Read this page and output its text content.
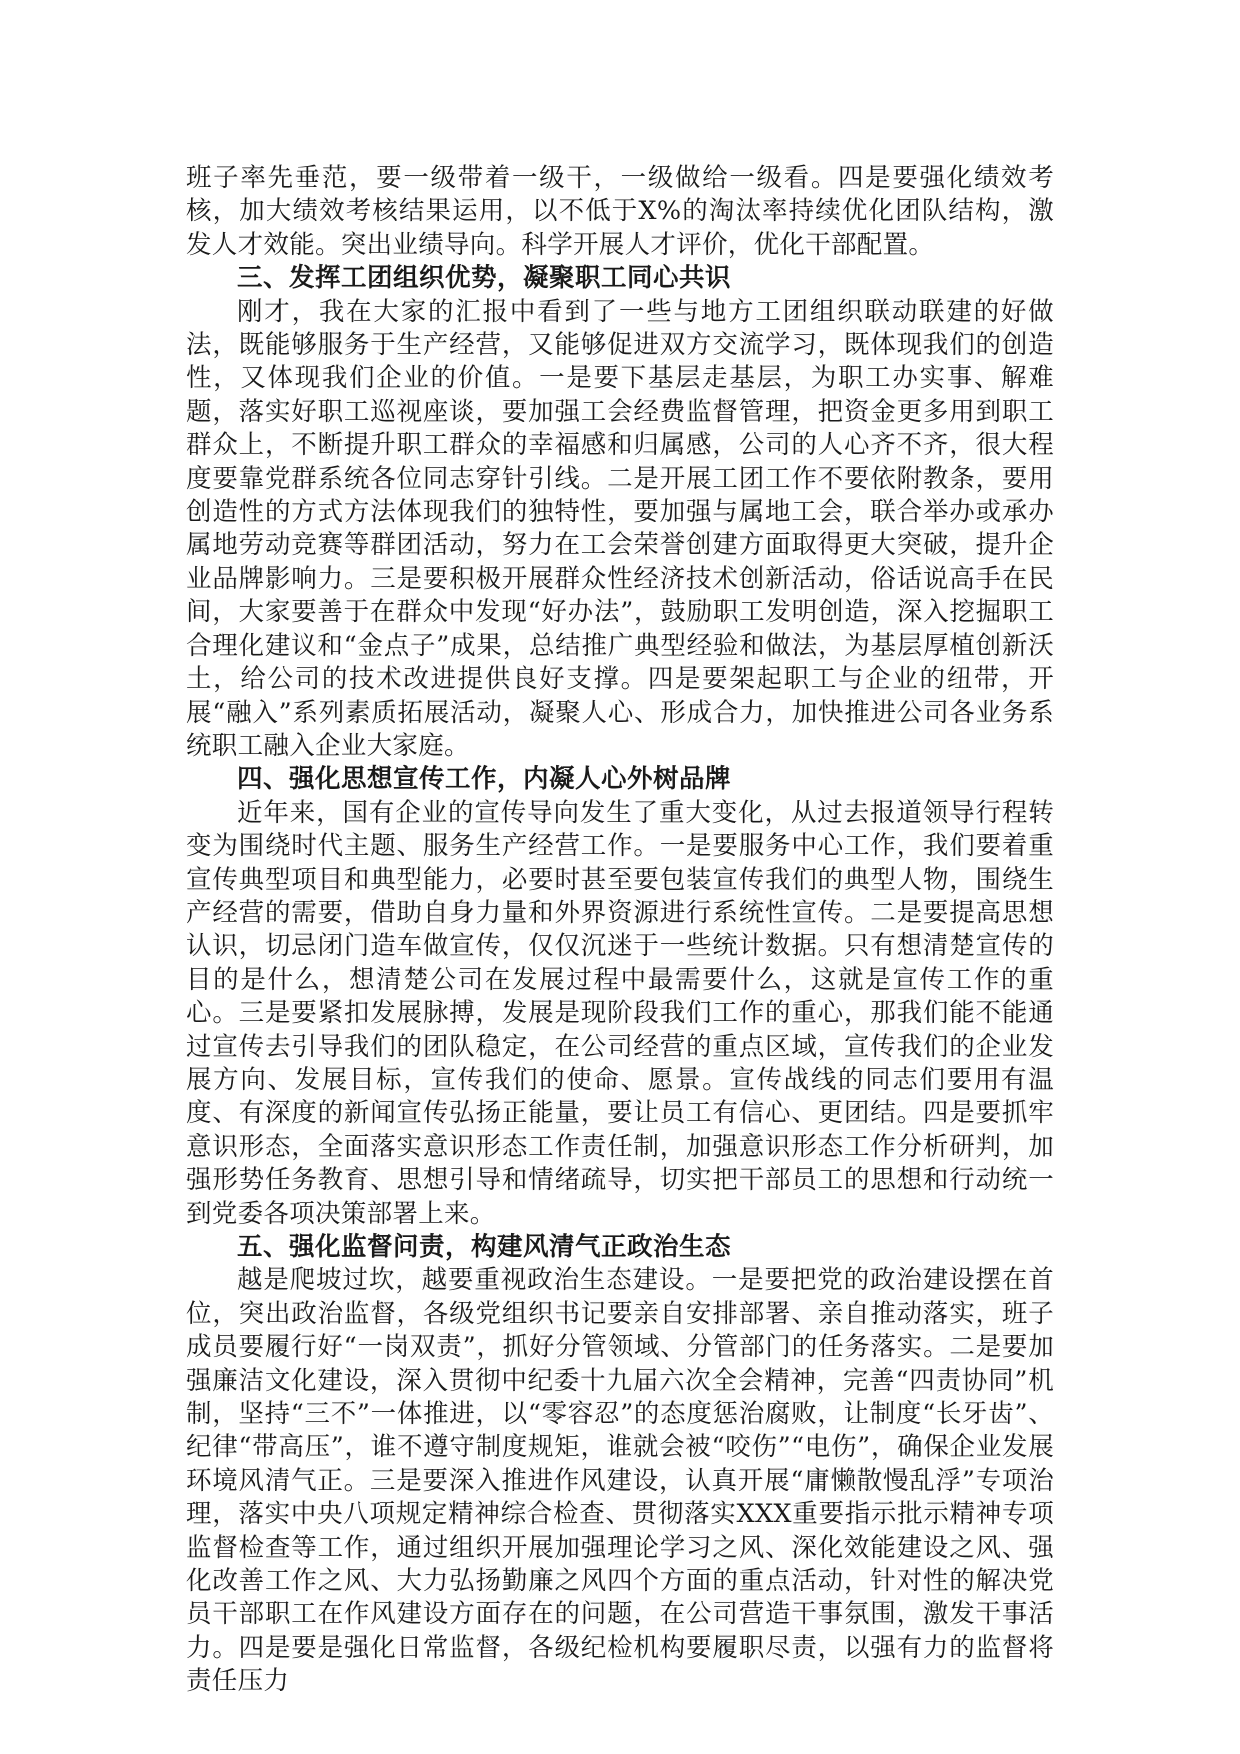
班子率先垂范，要一级带着一级干，一级做给一级看。四是要强化绩效考核，加大绩效考核结果运用，以不低于X%的淘汰率持续优化团队结构，激发人才效能。突出业绩导向。科学开展人才评价，优化干部配置。

三、发挥工团组织优势，凝聚职工同心共识

刚才，我在大家的汇报中看到了一些与地方工团组织联动联建的好做法，既能够服务于生产经营，又能够促进双方交流学习，既体现我们的创造性，又体现我们企业的价值。一是要下基层走基层，为职工办实事、解难题，落实好职工巡视座谈，要加强工会经费监督管理，把资金更多用到职工群众上，不断提升职工群众的幸福感和归属感，公司的人心齐不齐，很大程度要靠党群系统各位同志穿针引线。二是开展工团工作不要依附教条，要用创造性的方式方法体现我们的独特性，要加强与属地工会，联合举办或承办属地劳动竞赛等群团活动，努力在工会荣誉创建方面取得更大突破，提升企业品牌影响力。三是要积极开展群众性经济技术创新活动，俗话说高手在民间，大家要善于在群众中发现“好办法”，鼓励职工发明创造，深入挖掘职工合理化建议和“金点子”成果，总结推广典型经验和做法，为基层厚植创新沃土，给公司的技术改进提供良好支撑。四是要架起职工与企业的纽带，开展“融入”系列素质拓展活动，凝聚人心、形成合力，加快推进公司各业务系统职工融入企业大家庭。

四、强化思想宣传工作，内凝人心外树品牌

近年来，国有企业的宣传导向发生了重大变化，从过去报道领导行程转变为围绕时代主题、服务生产经营工作。一是要服务中心工作，我们要着重宣传典型项目和典型能力，必要时甚至要包装宣传我们的典型人物，围绕生产经营的需要，借助自身力量和外界资源进行系统性宣传。二是要提高思想认识，切忌闭门造车做宣传，仅仅沉迷于一些统计数据。只有想清楚宣传的目的是什么，想清楚公司在发展过程中最需要什么，这就是宣传工作的重心。三是要紧扣发展脉搏，发展是现阶段我们工作的重心，那我们能不能通过宣传去引导我们的团队稳定，在公司经营的重点区域，宣传我们的企业发展方向、发展目标，宣传我们的使命、愿景。宣传战线的同志们要用有温度、有深度的新闻宣传弘扬正能量，要让员工有信心、更团结。四是要抓牢意识形态，全面落实意识形态工作责任制，加强意识形态工作分析研判，加强形势任务教育、思想引导和情绪疏导，切实把干部员工的思想和行动统一到党委各项决策部署上来。

五、强化监督问责，构建风清气正政治生态

越是爬坡过坎，越要重视政治生态建设。一是要把党的政治建设摆在首位，突出政治监督，各级党组织书记要亲自安排部署、亲自推动落实，班子成员要履行好“一岗双责”，抓好分管领域、分管部门的任务落实。二是要加强廉洁文化建设，深入贯彻中纪委十九届六次全会精神，完善“四责协同”机制，坚持“三不”一体推进，以“零容忍”的态度惩治腐败，让制度“长牙齿”、纪律“带高压”，谁不遵守制度规矩，谁就会被“咬伤”“电伤”，确保企业发展环境风清气正。三是要深入推进作风建设，认真开展“庸懒散慢乱浮”专项治理，落实中央八项规定精神综合检查、贯彻落实XXX重要指示批示精神专项监督检查等工作，通过组织开展加强理论学习之风、深化效能建设之风、强化改善工作之风、大力弘扬勤廉之风四个方面的重点活动，针对性的解决党员干部职工在作风建设方面存在的问题，在公司营造干事氛围，激发干事活力。四是要是强化日常监督，各级纪检机构要履职尽责，以强有力的监督将责任压力
